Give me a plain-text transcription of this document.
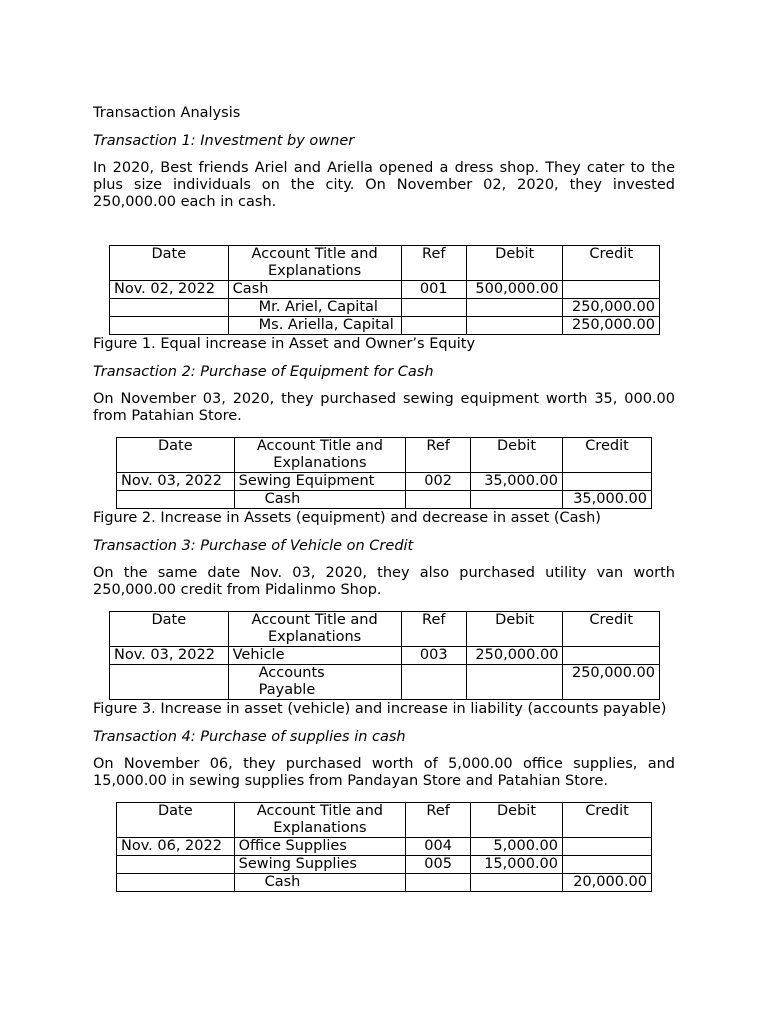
Transaction Analysis
Transaction 1: Investment by owner
In 2020, Best friends Ariel and Ariella opened a dress shop. They cater to the plus size individuals on the city. On November 02, 2020, they invested 250,000.00 each in cash.
Date	Account Title and Explanations	Ref	Debit	Credit
Nov. 02, 2022	Cash	001	500,000.00	
	Mr. Ariel, Capital			250,000.00
	Ms. Ariella, Capital			250,000.00
Figure 1. Equal increase in Asset and Owner’s Equity
Transaction 2: Purchase of Equipment for Cash
On November 03, 2020, they purchased sewing equipment worth 35, 000.00 from Patahian Store.
Date	Account Title and Explanations	Ref	Debit	Credit
Nov. 03, 2022	Sewing Equipment	002	35,000.00	
	Cash			35,000.00
Figure 2. Increase in Assets (equipment) and decrease in asset (Cash)
Transaction 3: Purchase of Vehicle on Credit
On the same date Nov. 03, 2020, they also purchased utility van worth 250,000.00 credit from Pidalinmo Shop.
Date	Account Title and Explanations	Ref	Debit	Credit
Nov. 03, 2022	Vehicle	003	250,000.00	
	Accounts Payable			250,000.00
Figure 3. Increase in asset (vehicle) and increase in liability (accounts payable)
Transaction 4: Purchase of supplies in cash
On November 06, they purchased worth of 5,000.00 office supplies, and 15,000.00 in sewing supplies from Pandayan Store and Patahian Store.
Date	Account Title and Explanations	Ref	Debit	Credit
Nov. 06, 2022	Office Supplies	004	5,000.00	
	Sewing Supplies	005	15,000.00	
	Cash			20,000.00
